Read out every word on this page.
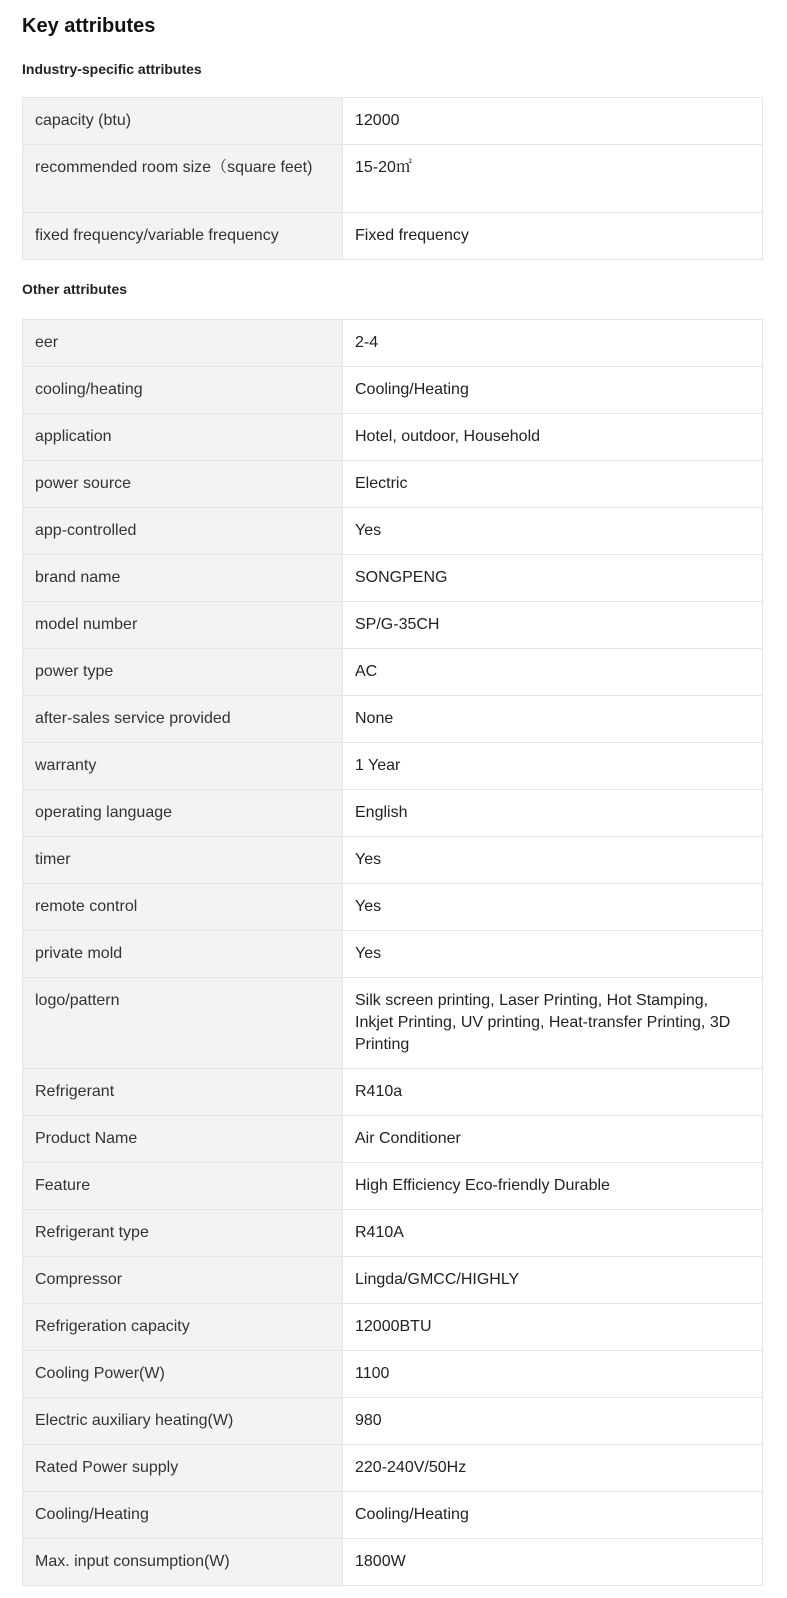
Key attributes
Industry-specific attributes
capacity (btu)	12000
recommended room size（square feet)	15-20㎡
fixed frequency/variable frequency	Fixed frequency
Other attributes
eer	2-4
cooling/heating	Cooling/Heating
application	Hotel, outdoor, Household
power source	Electric
app-controlled	Yes
brand name	SONGPENG
model number	SP/G-35CH
power type	AC
after-sales service provided	None
warranty	1 Year
operating language	English
timer	Yes
remote control	Yes
private mold	Yes
logo/pattern	Silk screen printing, Laser Printing, Hot Stamping, Inkjet Printing, UV printing, Heat-transfer Printing, 3D Printing
Refrigerant	R410a
Product Name	Air Conditioner
Feature	High Efficiency Eco-friendly Durable
Refrigerant type	R410A
Compressor	Lingda/GMCC/HIGHLY
Refrigeration capacity	12000BTU
Cooling Power(W)	1100
Electric auxiliary heating(W)	980
Rated Power supply	220-240V/50Hz
Cooling/Heating	Cooling/Heating
Max. input consumption(W)	1800W
